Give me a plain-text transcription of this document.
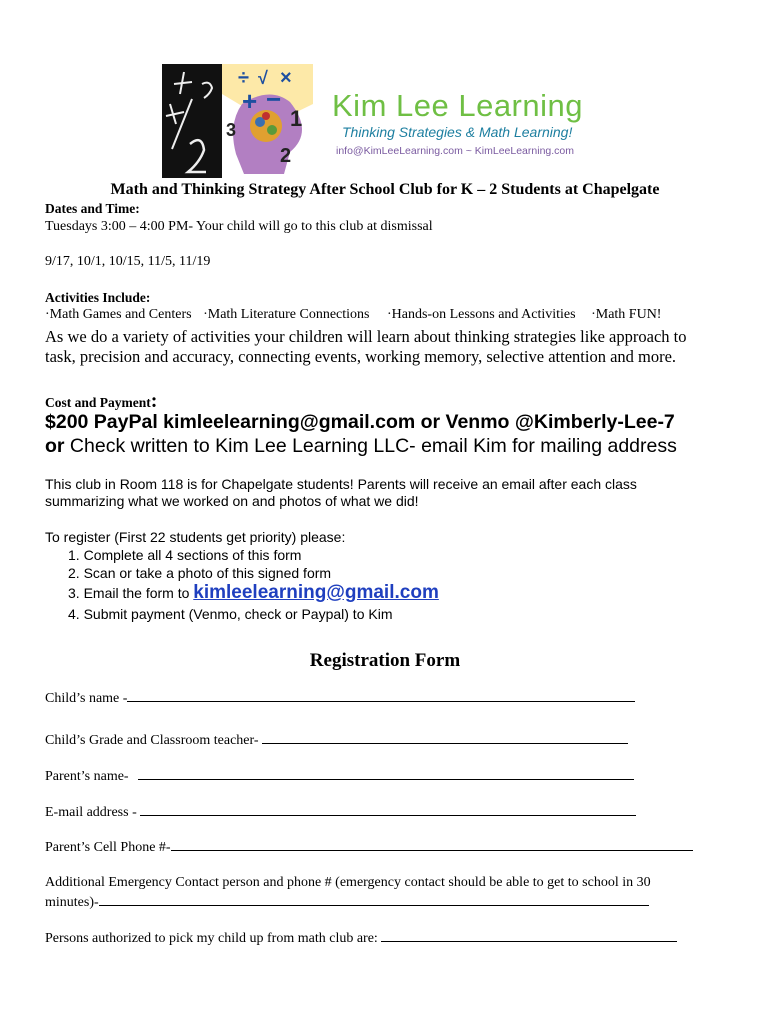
3 1
2
÷ √ ×
+ − Kim Lee Learning
Thinking Strategies & Math Learning!
info@KimLeeLearning.com ~ KimLeeLearning.com
Math and Thinking Strategy After School Club for K – 2 Students at Chapelgate
Dates and Time:
Tuesdays 3:00 – 4:00 PM- Your child will go to this club at dismissal
9/17, 10/1, 10/15, 11/5, 11/19
Activities Include:
·Math Games and Centers ·Math Literature Connections ·Hands-on Lessons and Activities ·Math FUN!
As we do a variety of activities your children will learn about thinking strategies like approach to
task, precision and accuracy, connecting events, working memory, selective attention and more.
Cost and Payment:
$200 PayPal kimleelearning@gmail.com or Venmo @Kimberly-Lee-7
or Check written to Kim Lee Learning LLC- email Kim for mailing address
This club in Room 118 is for Chapelgate students! Parents will receive an email after each class
summarizing what we worked on and photos of what we did!
To register (First 22 students get priority) please:
1. Complete all 4 sections of this form
2. Scan or take a photo of this signed form
3. Email the form to kimleelearning@gmail.com
4. Submit payment (Venmo, check or Paypal) to Kim
Registration Form
Child’s name -
Child’s Grade and Classroom teacher-
Parent’s name-
E-mail address -
Parent’s Cell Phone #-
Additional Emergency Contact person and phone # (emergency contact should be able to get to school in 30
minutes)-
Persons authorized to pick my child up from math club are:
